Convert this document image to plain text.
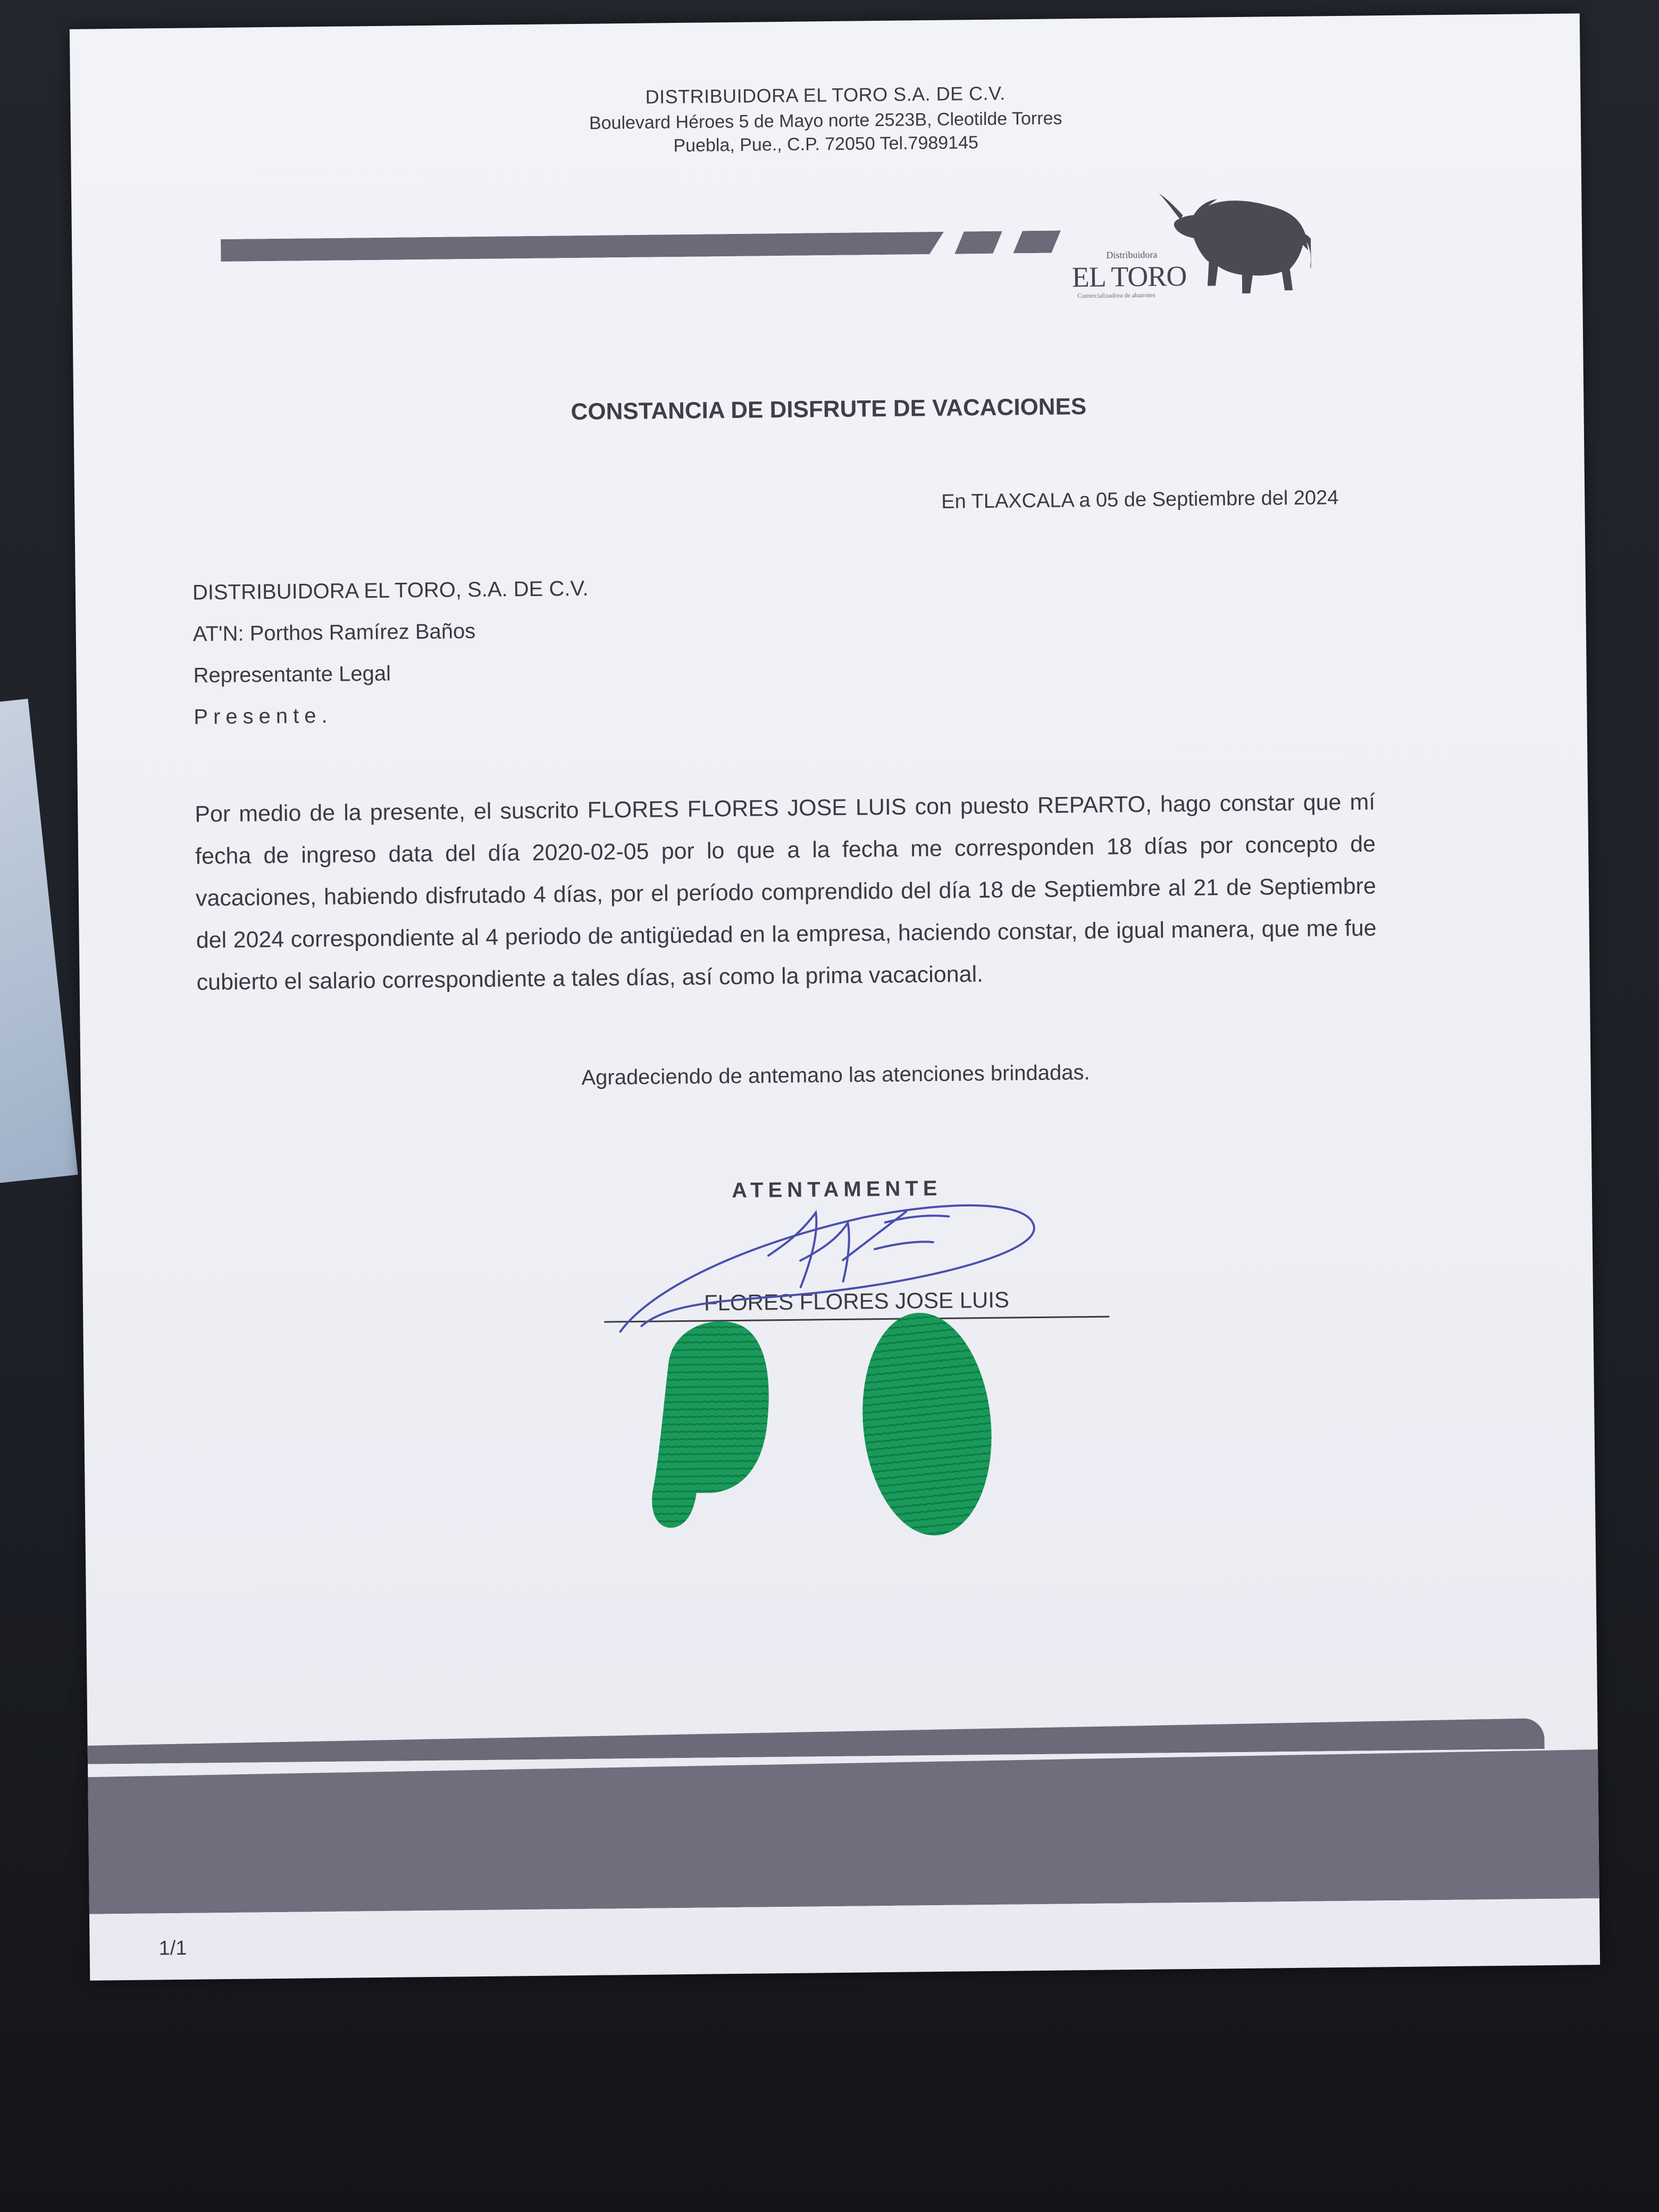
DISTRIBUIDORA EL TORO S.A. DE C.V.
Boulevard Héroes 5 de Mayo norte 2523B, Cleotilde Torres
Puebla, Pue., C.P. 72050 Tel.7989145
Distribuidora
EL TORO
Comercializadora de abarrotes
CONSTANCIA DE DISFRUTE DE VACACIONES
En TLAXCALA a 05 de Septiembre del 2024
DISTRIBUIDORA EL TORO, S.A. DE C.V.
AT'N: Porthos Ramírez Baños
Representante Legal
Presente.
Por medio de la presente, el suscrito FLORES FLORES JOSE LUIS con puesto REPARTO, hago constar que mí fecha de ingreso data del día 2020-02-05 por lo que a la fecha me corresponden 18 días por concepto de vacaciones, habiendo disfrutado 4 días, por el período comprendido del día 18 de Septiembre al 21 de Septiembre del 2024 correspondiente al 4 periodo de antigüedad en la empresa, haciendo constar, de igual manera, que me fue cubierto el salario correspondiente a tales días, así como la prima vacacional.
Agradeciendo de antemano las atenciones brindadas.
ATENTAMENTE
FLORES FLORES JOSE LUIS
1/1
